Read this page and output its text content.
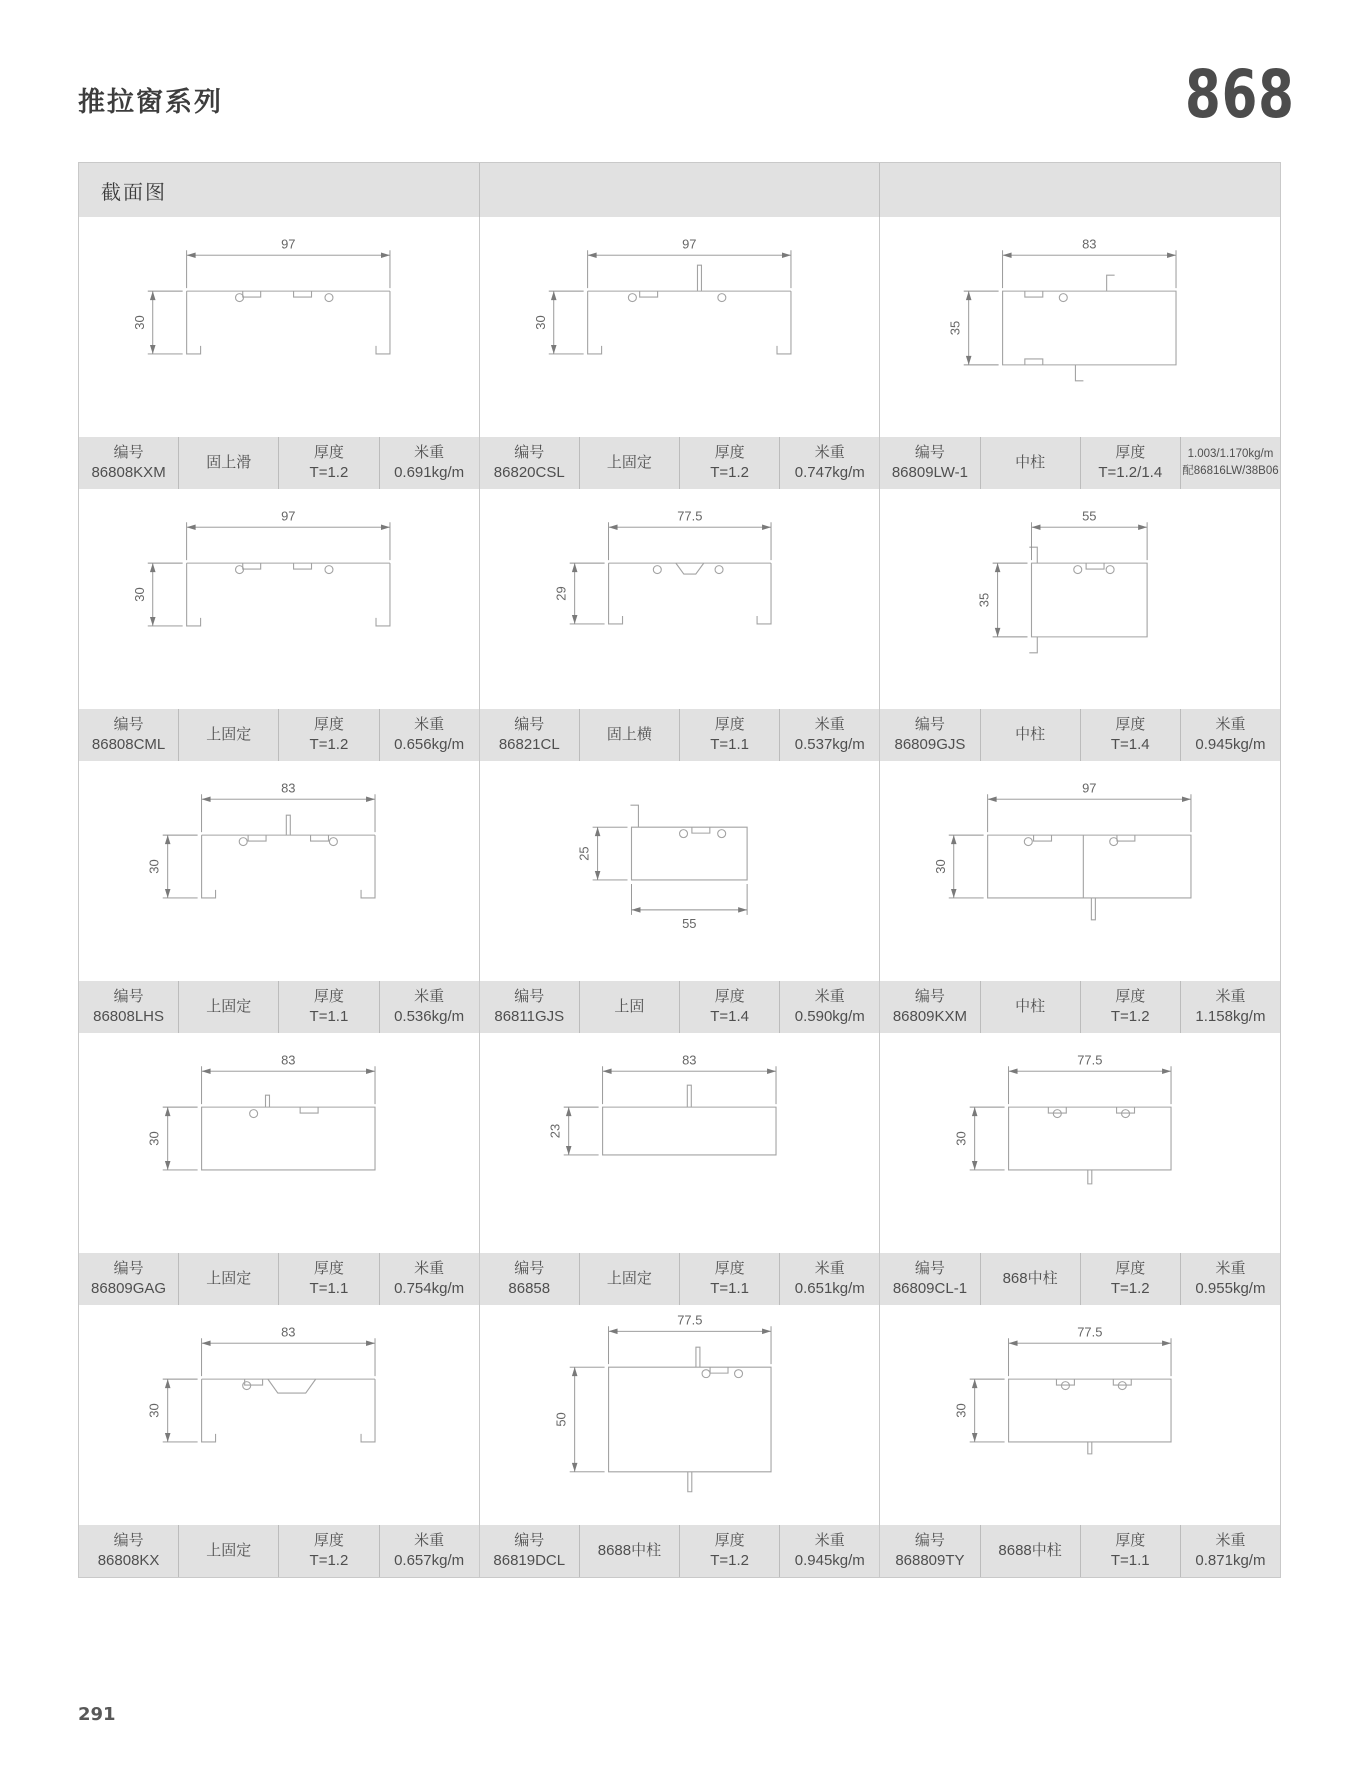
推拉窗系列	868
截面图
97
30
编号
86808KXM
固上滑
厚度
T=1.2
米重
0.691kg/m
97
30
编号
86820CSL
上固定
厚度
T=1.2
米重
0.747kg/m
83
35
编号
86809LW-1
中柱
厚度
T=1.2/1.4
1.003/1.170kg/m
配86816LW/38B06
97
30
编号
86808CML
上固定
厚度
T=1.2
米重
0.656kg/m
77.5
29
编号
86821CL
固上横
厚度
T=1.1
米重
0.537kg/m
55
35
编号
86809GJS
中柱
厚度
T=1.4
米重
0.945kg/m
83
30
编号
86808LHS
上固定
厚度
T=1.1
米重
0.536kg/m
25
55
编号
86811GJS
上固
厚度
T=1.4
米重
0.590kg/m
97
30
编号
86809KXM
中柱
厚度
T=1.2
米重
1.158kg/m
83
30
编号
86809GAG
上固定
厚度
T=1.1
米重
0.754kg/m
83
23
编号
86858
上固定
厚度
T=1.1
米重
0.651kg/m
77.5
30
编号
86809CL-1
868中柱
厚度
T=1.2
米重
0.955kg/m
83
30
编号
86808KX
上固定
厚度
T=1.2
米重
0.657kg/m
77.5
50
编号
86819DCL
8688中柱
厚度
T=1.2
米重
0.945kg/m
77.5
30
编号
868809TY
8688中柱
厚度
T=1.1
米重
0.871kg/m
291
